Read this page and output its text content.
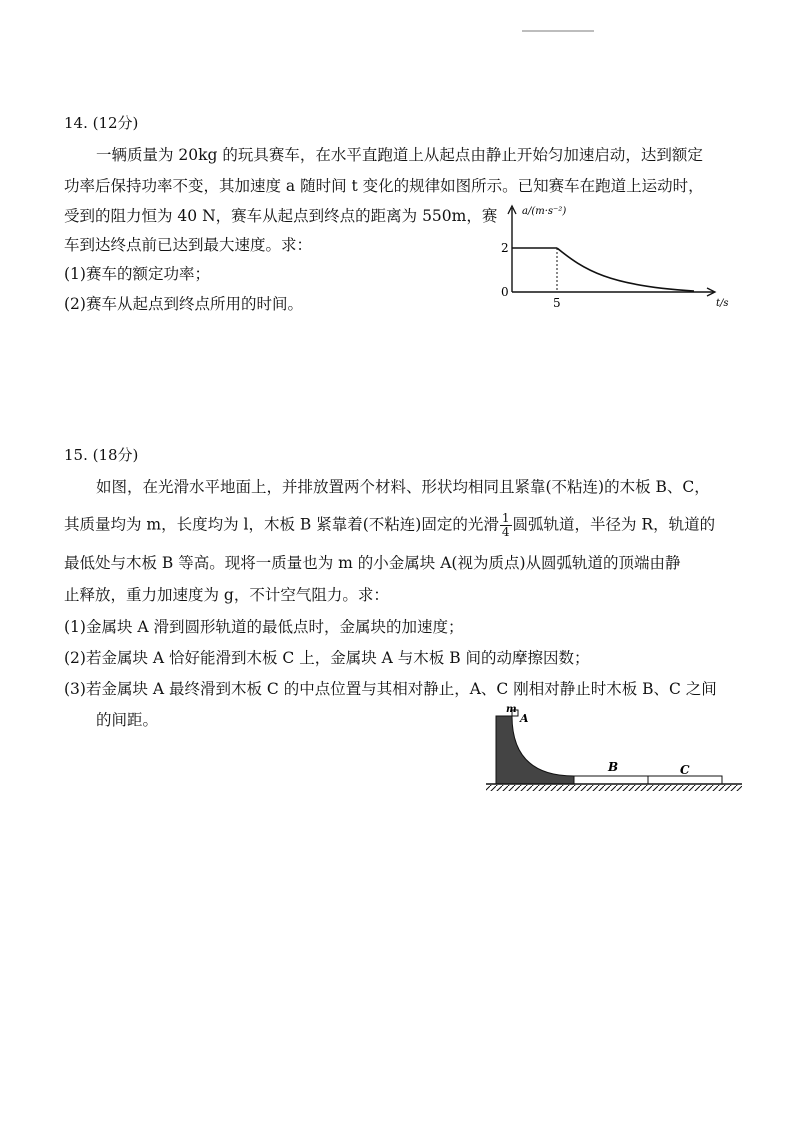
14. (12分)
一辆质量为 20kg 的玩具赛车，在水平直跑道上从起点由静止开始匀加速启动，达到额定
功率后保持功率不变，其加速度 a 随时间 t 变化的规律如图所示。已知赛车在跑道上运动时，
受到的阻力恒为 40 N，赛车从起点到终点的距离为 550m，赛
车到达终点前已达到最大速度。求：
(1)赛车的额定功率；
(2)赛车从起点到终点所用的时间。
a/(m·s⁻²)
t/s
0
2
5
15. (18分)
如图，在光滑水平地面上，并排放置两个材料、形状均相同且紧靠(不粘连)的木板 B、C，
其质量均为 m，长度均为 l，木板 B 紧靠着(不粘连)固定的光滑 $\frac{1}{4}$ 圆弧轨道，半径为 R，轨道的
最低处与木板 B 等高。现将一质量也为 m 的小金属块 A(视为质点)从圆弧轨道的顶端由静
止释放，重力加速度为 g，不计空气阻力。求：
(1)金属块 A 滑到圆形轨道的最低点时，金属块的加速度；
(2)若金属块 A 恰好能滑到木板 C 上，金属块 A 与木板 B 间的动摩擦因数；
(3)若金属块 A 最终滑到木板 C 的中点位置与其相对静止，A、C 刚相对静止时木板 B、C 之间
的间距。
m
A
B	C
